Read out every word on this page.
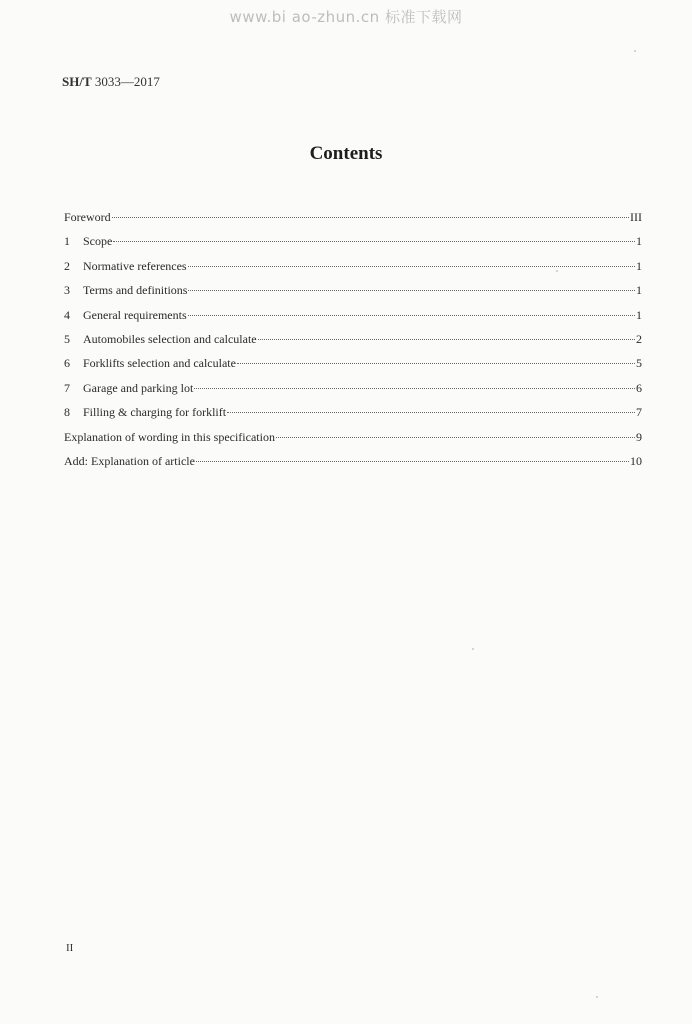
www.bi ao-zhun.cn 标准下载网
SH/T 3033—2017
Contents
Foreword	III
1	Scope	1
2	Normative references	1
3	Terms and definitions	1
4	General requirements	1
5	Automobiles selection and calculate	2
6	Forklifts selection and calculate	5
7	Garage and parking lot	6
8	Filling & charging for forklift	7
Explanation of wording in this specification	9
Add: Explanation of article	10
II
